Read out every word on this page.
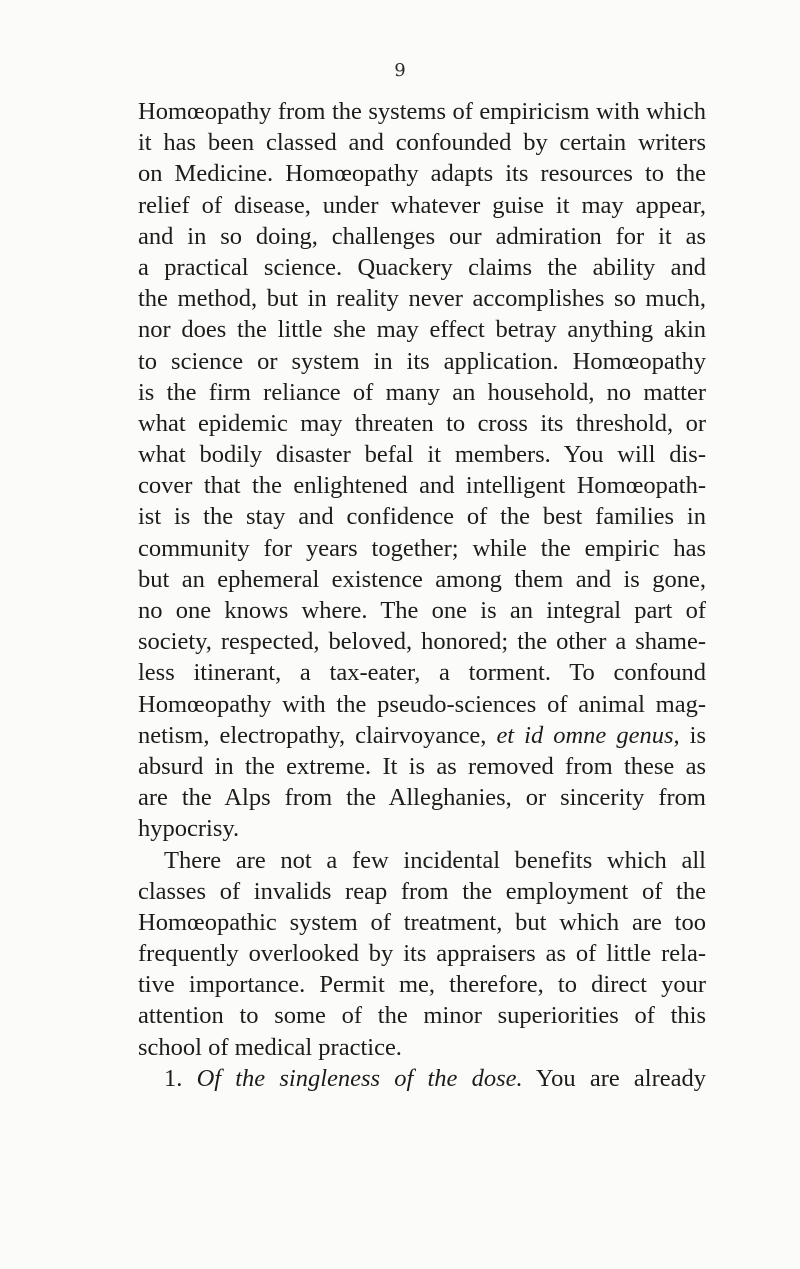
9
Homœopathy from the systems of empiricism with which
it has been classed and confounded by certain writers
on Medicine. Homœopathy adapts its resources to the
relief of disease, under whatever guise it may appear,
and in so doing, challenges our admiration for it as
a practical science. Quackery claims the ability and
the method, but in reality never accomplishes so much,
nor does the little she may effect betray anything akin
to science or system in its application. Homœopathy
is the firm reliance of many an household, no matter
what epidemic may threaten to cross its threshold, or
what bodily disaster befal it members. You will dis-
cover that the enlightened and intelligent Homœopath-
ist is the stay and confidence of the best families in
community for years together; while the empiric has
but an ephemeral existence among them and is gone,
no one knows where. The one is an integral part of
society, respected, beloved, honored; the other a shame-
less itinerant, a tax-eater, a torment. To confound
Homœopathy with the pseudo-sciences of animal mag-
netism, electropathy, clairvoyance, et id omne genus, is
absurd in the extreme. It is as removed from these as
are the Alps from the Alleghanies, or sincerity from
hypocrisy.
There are not a few incidental benefits which all
classes of invalids reap from the employment of the
Homœopathic system of treatment, but which are too
frequently overlooked by its appraisers as of little rela-
tive importance. Permit me, therefore, to direct your
attention to some of the minor superiorities of this
school of medical practice.
1. Of the singleness of the dose. You are already
